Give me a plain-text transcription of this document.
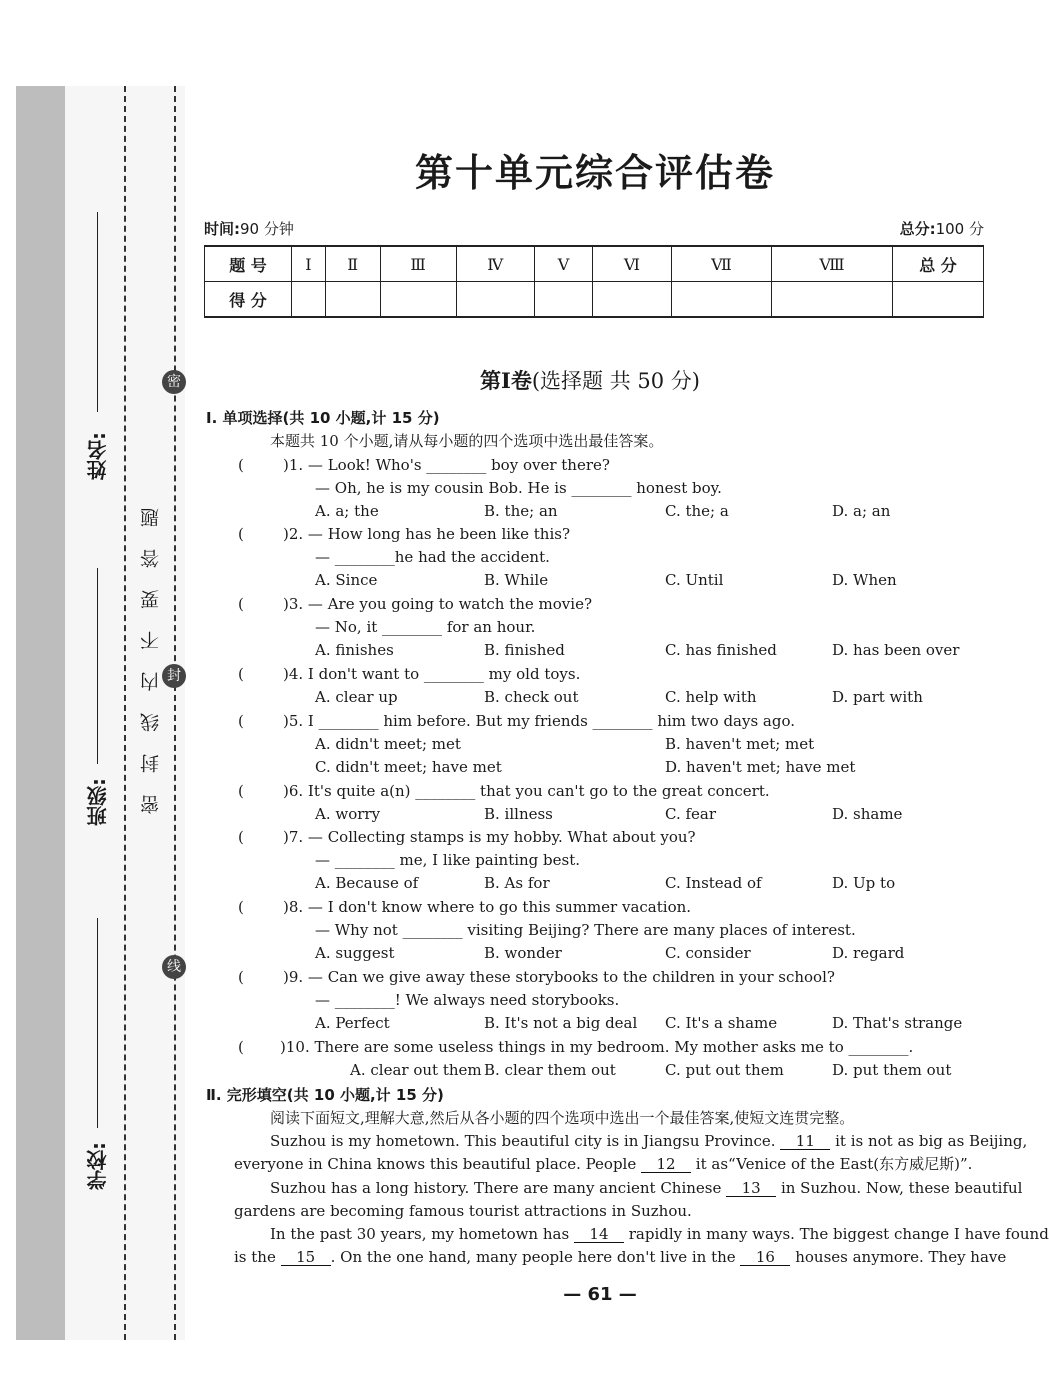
姓名:
班级:
学校:
密 封 线 内 不 要 答 题
密
封
线
第十单元综合评估卷
时间:90 分钟	总分:100 分
题 号	Ⅰ	Ⅱ	Ⅲ	Ⅳ	Ⅴ	Ⅵ	Ⅶ	Ⅷ	总 分
得 分									
第Ⅰ卷(选择题 共 50 分)
Ⅰ. 单项选择(共 10 小题,计 15 分)
本题共 10 个小题,请从每小题的四个选项中选出最佳答案。
(	)1. — Look! Who's ________ boy over there?
— Oh, he is my cousin Bob. He is ________ honest boy.
A. a; the	B. the; an	C. the; a	D. a; an
(	)2. — How long has he been like this?
— ________he had the accident.
A. Since	B. While	C. Until	D. When
(	)3. — Are you going to watch the movie?
— No, it ________ for an hour.
A. finishes	B. finished	C. has finished	D. has been over
(	)4. I don't want to ________ my old toys.
A. clear up	B. check out	C. help with	D. part with
(	)5. I ________ him before. But my friends ________ him two days ago.
A. didn't meet; met	B. haven't met; met
C. didn't meet; have met	D. haven't met; have met
(	)6. It's quite a(n) ________ that you can't go to the great concert.
A. worry	B. illness	C. fear	D. shame
(	)7. — Collecting stamps is my hobby. What about you?
— ________ me, I like painting best.
A. Because of	B. As for	C. Instead of	D. Up to
(	)8. — I don't know where to go this summer vacation.
— Why not ________ visiting Beijing? There are many places of interest.
A. suggest	B. wonder	C. consider	D. regard
(	)9. — Can we give away these storybooks to the children in your school?
— ________! We always need storybooks.
A. Perfect	B. It's not a big deal C. It's a shame	D. That's strange
( )10. There are some useless things in my bedroom. My mother asks me to ________.
A. clear out them B. clear them out	C. put out them	D. put them out
Ⅱ. 完形填空(共 10 小题,计 15 分)
阅读下面短文,理解大意,然后从各小题的四个选项中选出一个最佳答案,使短文连贯完整。
Suzhou is my hometown. This beautiful city is in Jiangsu Province. 11 it is not as big as Beijing,
everyone in China knows this beautiful place. People 12 it as“Venice of the East(东方威尼斯)”.
Suzhou has a long history. There are many ancient Chinese 13 in Suzhou. Now, these beautiful
gardens are becoming famous tourist attractions in Suzhou.
In the past 30 years, my hometown has 14 rapidly in many ways. The biggest change I have found
is the 15 . On the one hand, many people here don't live in the 16 houses anymore. They have
— 61 —
